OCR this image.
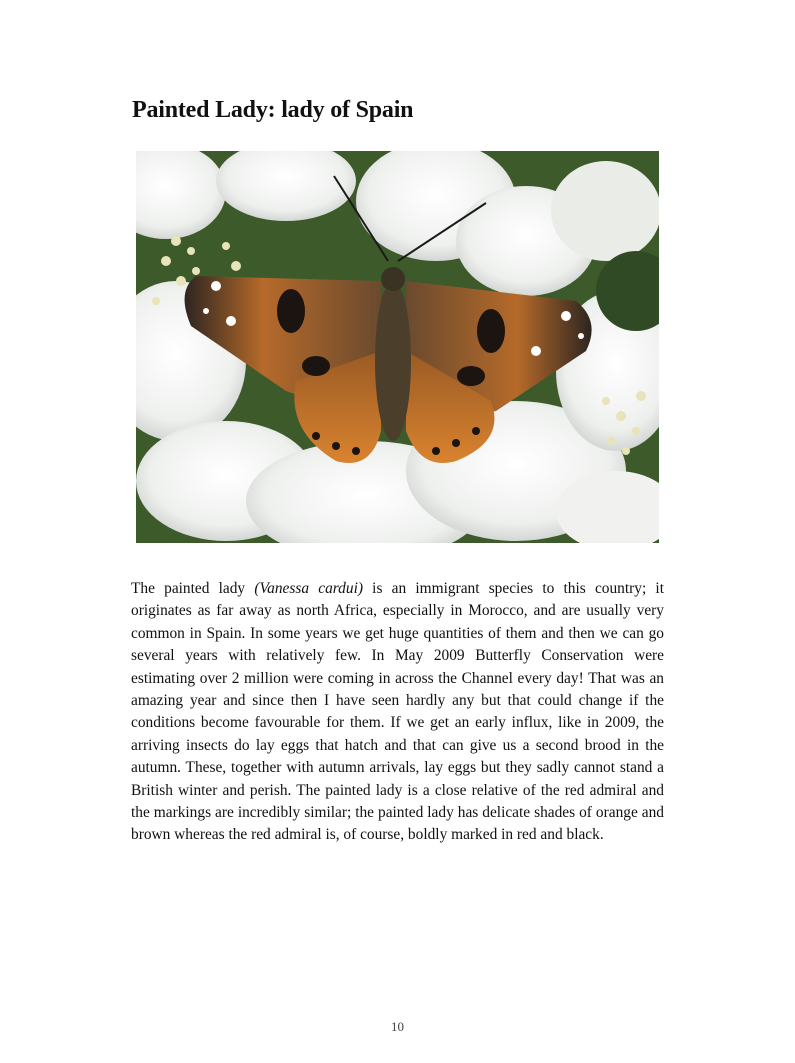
Painted Lady: lady of Spain

The painted lady (Vanessa cardui) is an immigrant species to this country; it originates as far away as north Africa, especially in Morocco, and are usually very common in Spain. In some years we get huge quantities of them and then we can go several years with relatively few. In May 2009 Butterfly Conservation were estimating over 2 million were coming in across the Channel every day! That was an amazing year and since then I have seen hardly any but that could change if the conditions become favourable for them. If we get an early influx, like in 2009, the arriving insects do lay eggs that hatch and that can give us a second brood in the autumn. These, together with autumn arrivals, lay eggs but they sadly cannot stand a British winter and perish. The painted lady is a close relative of the red admiral and the markings are incredibly similar; the painted lady has delicate shades of orange and brown whereas the red admiral is, of course, boldly marked in red and black.

10
